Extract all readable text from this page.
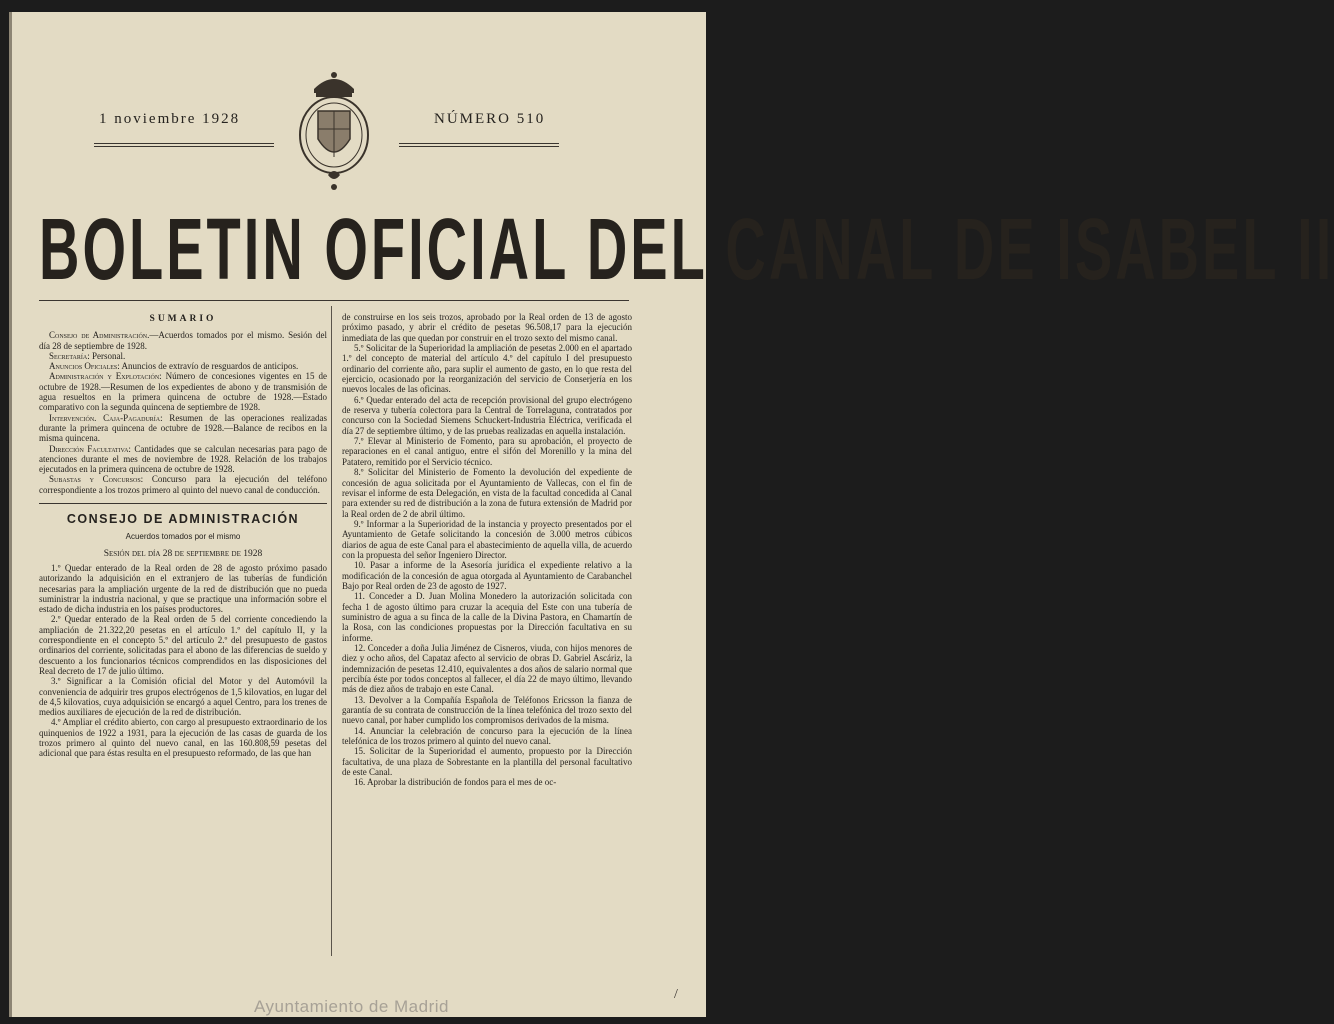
1 noviembre 1928	NÚMERO 510
BOLETIN OFICIAL DEL CANAL DE ISABEL II
SUMARIO

Consejo de Administración.—Acuerdos tomados por el mismo. Sesión del día 28 de septiembre de 1928.

Secretaría: Personal.

Anuncios Oficiales: Anuncios de extravío de resguardos de anticipos.

Administración y Explotación: Número de concesiones vigentes en 15 de octubre de 1928.—Resumen de los expedientes de abono y de transmisión de agua resueltos en la primera quincena de octubre de 1928.—Estado comparativo con la segunda quincena de septiembre de 1928.

Intervención. Caja-Pagaduría: Resumen de las operaciones realizadas durante la primera quincena de octubre de 1928.—Balance de recibos en la misma quincena.

Dirección Facultativa: Cantidades que se calculan necesarias para pago de atenciones durante el mes de noviembre de 1928. Relación de los trabajos ejecutados en la primera quincena de octubre de 1928.

Subastas y Concursos: Concurso para la ejecución del teléfono correspondiente a los trozos primero al quinto del nuevo canal de conducción.

CONSEJO DE ADMINISTRACIÓN
Acuerdos tomados por el mismo
Sesión del día 28 de septiembre de 1928

1.º Quedar enterado de la Real orden de 28 de agosto próximo pasado autorizando la adquisición en el extranjero de las tuberías de fundición necesarias para la ampliación urgente de la red de distribución que no pueda suministrar la industria nacional, y que se practique una información sobre el estado de dicha industria en los países productores.

2.º Quedar enterado de la Real orden de 5 del corriente concediendo la ampliación de 21.322,20 pesetas en el artículo 1.º del capítulo II, y la correspondiente en el concepto 5.º del artículo 2.º del presupuesto de gastos ordinarios del corriente, solicitadas para el abono de las diferencias de sueldo y descuento a los funcionarios técnicos comprendidos en las disposiciones del Real decreto de 17 de julio último.

3.º Significar a la Comisión oficial del Motor y del Automóvil la conveniencia de adquirir tres grupos electrógenos de 1,5 kilovatios, en lugar del de 4,5 kilovatios, cuya adquisición se encargó a aquel Centro, para los trenes de medios auxiliares de ejecución de la red de distribución.

4.º Ampliar el crédito abierto, con cargo al presupuesto extraordinario de los quinquenios de 1922 a 1931, para la ejecución de las casas de guarda de los trozos primero al quinto del nuevo canal, en las 160.808,59 pesetas del adicional que para éstas resulta en el presupuesto reformado, de las que han

de construirse en los seis trozos, aprobado por la Real orden de 13 de agosto próximo pasado, y abrir el crédito de pesetas 96.508,17 para la ejecución inmediata de las que quedan por construir en el trozo sexto del mismo canal.

5.º Solicitar de la Superioridad la ampliación de pesetas 2.000 en el apartado 1.º del concepto de material del artículo 4.º del capítulo I del presupuesto ordinario del corriente año, para suplir el aumento de gasto, en lo que resta del ejercicio, ocasionado por la reorganización del servicio de Conserjería en los nuevos locales de las oficinas.

6.º Quedar enterado del acta de recepción provisional del grupo electrógeno de reserva y tubería colectora para la Central de Torrelaguna, contratados por concurso con la Sociedad Siemens Schuckert-Industria Eléctrica, verificada el día 27 de septiembre último, y de las pruebas realizadas en aquella instalación.

7.º Elevar al Ministerio de Fomento, para su aprobación, el proyecto de reparaciones en el canal antiguo, entre el sifón del Morenillo y la mina del Patatero, remitido por el Servicio técnico.

8.º Solicitar del Ministerio de Fomento la devolución del expediente de concesión de agua solicitada por el Ayuntamiento de Vallecas, con el fin de revisar el informe de esta Delegación, en vista de la facultad concedida al Canal para extender su red de distribución a la zona de futura extensión de Madrid por la Real orden de 2 de abril último.

9.º Informar a la Superioridad de la instancia y proyecto presentados por el Ayuntamiento de Getafe solicitando la concesión de 3.000 metros cúbicos diarios de agua de este Canal para el abastecimiento de aquella villa, de acuerdo con la propuesta del señor Ingeniero Director.

10. Pasar a informe de la Asesoría jurídica el expediente relativo a la modificación de la concesión de agua otorgada al Ayuntamiento de Carabanchel Bajo por Real orden de 23 de agosto de 1927.

11. Conceder a D. Juan Molina Monedero la autorización solicitada con fecha 1 de agosto último para cruzar la acequia del Este con una tubería de suministro de agua a su finca de la calle de la Divina Pastora, en Chamartín de la Rosa, con las condiciones propuestas por la Dirección facultativa en su informe.

12. Conceder a doña Julia Jiménez de Cisneros, viuda, con hijos menores de diez y ocho años, del Capataz afecto al servicio de obras D. Gabriel Ascáriz, la indemnización de pesetas 12.410, equivalentes a dos años de salario normal que percibía éste por todos conceptos al fallecer, el día 22 de mayo último, llevando más de diez años de trabajo en este Canal.

13. Devolver a la Compañía Española de Teléfonos Ericsson la fianza de garantía de su contrata de construcción de la línea telefónica del trozo sexto del nuevo canal, por haber cumplido los compromisos derivados de la misma.

14. Anunciar la celebración de concurso para la ejecución de la línea telefónica de los trozos primero al quinto del nuevo canal.

15. Solicitar de la Superioridad el aumento, propuesto por la Dirección facultativa, de una plaza de Sobrestante en la plantilla del personal facultativo de este Canal.

16. Aprobar la distribución de fondos para el mes de oc-

/
Ayuntamiento de Madrid
